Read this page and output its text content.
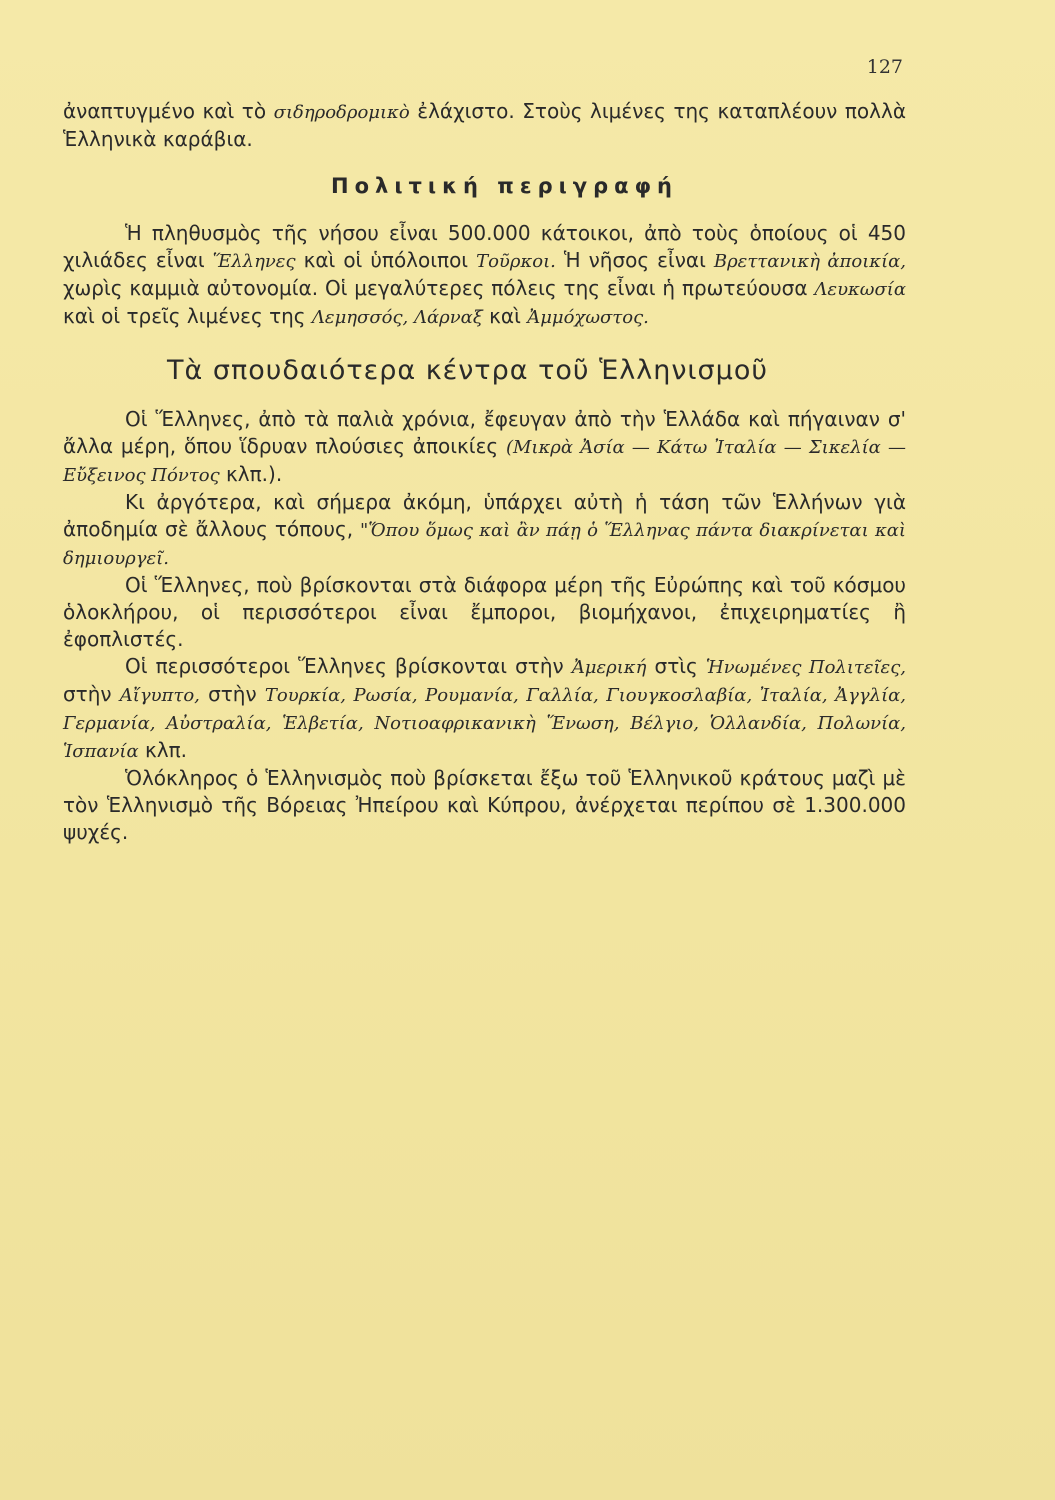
127

ἀναπτυγμένο καὶ τὸ σιδηροδρομικὸ ἐλάχιστο. Στοὺς λιμένες της καταπλέουν πολλὰ Ἑλληνικὰ καράβια.

Πολιτική περιγραφή

Ἡ πληθυσμὸς τῆς νήσου εἶναι 500.000 κάτοικοι, ἀπὸ τοὺς ὁποίους οἱ 450 χιλιάδες εἶναι Ἕλληνες καὶ οἱ ὑπόλοιποι Τοῦρκοι. Ἡ νῆσος εἶναι Βρεττανικὴ ἀποικία, χωρὶς καμμιὰ αὐτονομία. Οἱ μεγαλύτερες πόλεις της εἶναι ἡ πρωτεύουσα Λευκωσία καὶ οἱ τρεῖς λιμένες της Λεμησσός, Λάρναξ καὶ Ἀμμόχωστος.

Τὰ σπουδαιότερα κέντρα τοῦ Ἑλληνισμοῦ

Οἱ Ἕλληνες, ἀπὸ τὰ παλιὰ χρόνια, ἔφευγαν ἀπὸ τὴν Ἑλλάδα καὶ πήγαιναν σ' ἄλλα μέρη, ὅπου ἵδρυαν πλούσιες ἀποικίες (Μικρὰ Ἀσία — Κάτω Ἰταλία — Σικελία — Εὔξεινος Πόντος κλπ.).

Κι ἀργότερα, καὶ σήμερα ἀκόμη, ὑπάρχει αὐτὴ ἡ τάση τῶν Ἑλλήνων γιὰ ἀποδημία σὲ ἄλλους τόπους, "Ὅπου ὅμως καὶ ἂν πάῃ ὁ Ἕλληνας πάντα διακρίνεται καὶ δημιουργεῖ.

Οἱ Ἕλληνες, ποὺ βρίσκονται στὰ διάφορα μέρη τῆς Εὐρώπης καὶ τοῦ κόσμου ὁλοκλήρου, οἱ περισσότεροι εἶναι ἔμποροι, βιομήχανοι, ἐπιχειρηματίες ἢ ἐφοπλιστές.

Οἱ περισσότεροι Ἕλληνες βρίσκονται στὴν Ἀμερική στὶς Ἡνωμένες Πολιτεῖες, στὴν Αἴγυπτο, στὴν Τουρκία, Ρωσία, Ρουμανία, Γαλλία, Γιουγκοσλαβία, Ἰταλία, Ἀγγλία, Γερμανία, Αὐστραλία, Ἑλβετία, Νοτιοαφρικανικὴ Ἕνωση, Βέλγιο, Ὁλλανδία, Πολωνία, Ἱσπανία κλπ.

Ὁλόκληρος ὁ Ἑλληνισμὸς ποὺ βρίσκεται ἔξω τοῦ Ἑλληνικοῦ κράτους μαζὶ μὲ τὸν Ἑλληνισμὸ τῆς Βόρειας Ἠπείρου καὶ Κύπρου, ἀνέρχεται περίπου σὲ 1.300.000 ψυχές.
